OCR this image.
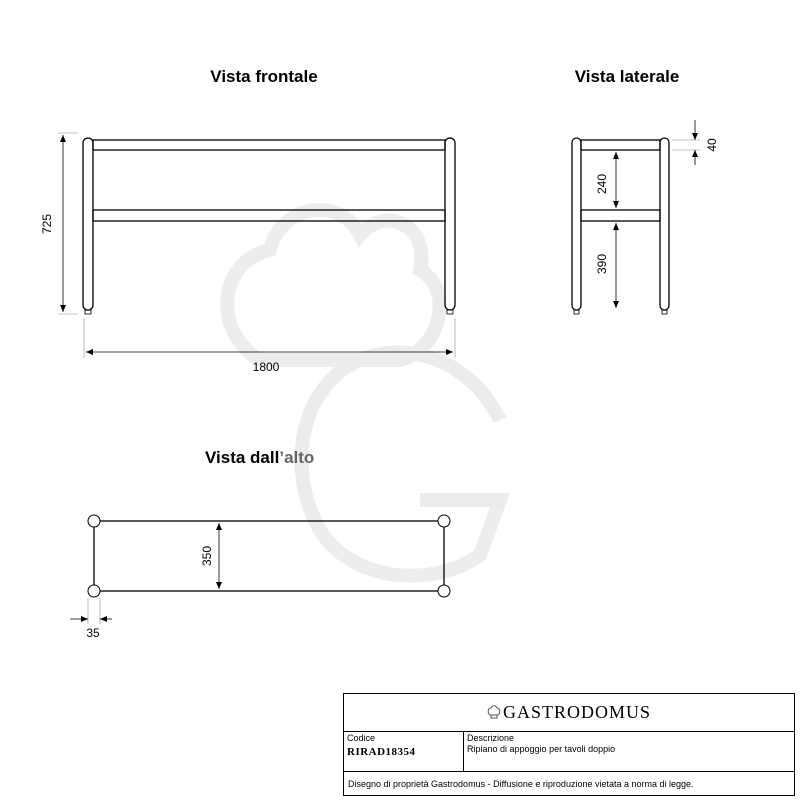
Vista frontale
725
1800
Vista laterale
40
240
390
Vista dall’alto
350
35
GASTRODOMUS
Codice
RIRAD18354
Descrizione
Ripiano di appoggio per tavoli doppio
Disegno di proprietà Gastrodomus - Diffusione e riproduzione vietata a norma di legge.
